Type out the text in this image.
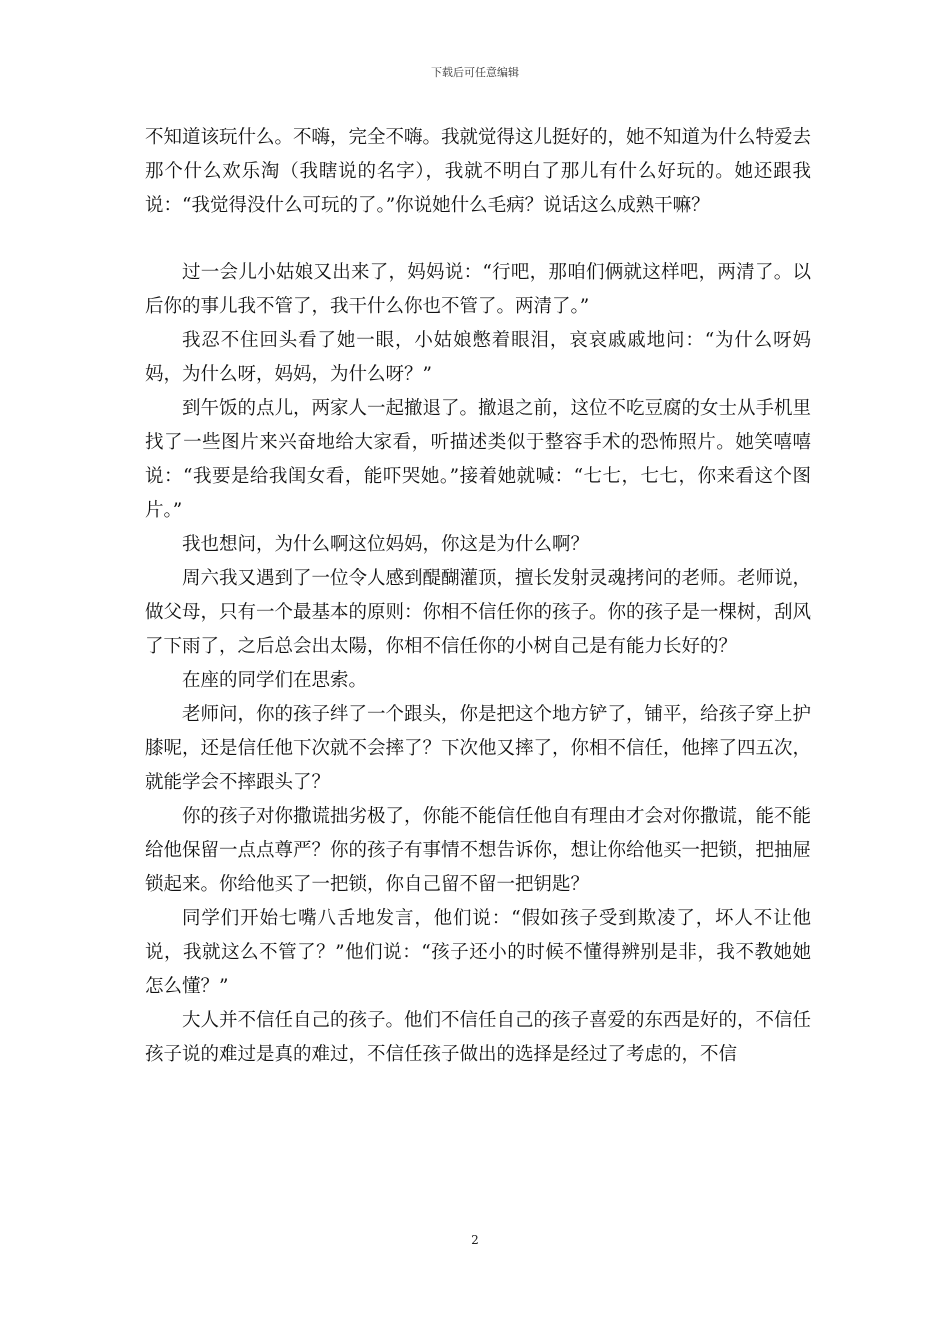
下载后可任意编辑

不知道该玩什么。不嗨，完全不嗨。我就觉得这儿挺好的，她不知道为什么特爱去那个什么欢乐淘（我瞎说的名字），我就不明白了那儿有什么好玩的。她还跟我说：“我觉得没什么可玩的了。”你说她什么毛病？说话这么成熟干嘛？

过一会儿小姑娘又出来了，妈妈说：“行吧，那咱们俩就这样吧，两清了。以后你的事儿我不管了，我干什么你也不管了。两清了。”

我忍不住回头看了她一眼，小姑娘憋着眼泪，哀哀戚戚地问：“为什么呀妈妈，为什么呀，妈妈，为什么呀？”

到午饭的点儿，两家人一起撤退了。撤退之前，这位不吃豆腐的女士从手机里找了一些图片来兴奋地给大家看，听描述类似于整容手术的恐怖照片。她笑嘻嘻说：“我要是给我闺女看，能吓哭她。”接着她就喊：“七七，七七，你来看这个图片。”

我也想问，为什么啊这位妈妈，你这是为什么啊？

周六我又遇到了一位令人感到醍醐灌顶，擅长发射灵魂拷问的老师。老师说，做父母，只有一个最基本的原则：你相不信任你的孩子。你的孩子是一棵树，刮风了下雨了，之后总会出太陽，你相不信任你的小树自己是有能力长好的？

在座的同学们在思索。

老师问，你的孩子绊了一个跟头，你是把这个地方铲了，铺平，给孩子穿上护膝呢，还是信任他下次就不会摔了？下次他又摔了，你相不信任，他摔了四五次，就能学会不摔跟头了？

你的孩子对你撒谎拙劣极了，你能不能信任他自有理由才会对你撒谎，能不能给他保留一点点尊严？你的孩子有事情不想告诉你，想让你给他买一把锁，把抽屉锁起来。你给他买了一把锁，你自己留不留一把钥匙？

同学们开始七嘴八舌地发言，他们说：“假如孩子受到欺凌了，坏人不让他说，我就这么不管了？”他们说：“孩子还小的时候不懂得辨别是非，我不教她她怎么懂？”

大人并不信任自己的孩子。他们不信任自己的孩子喜爱的东西是好的，不信任孩子说的难过是真的难过，不信任孩子做出的选择是经过了考虑的，不信

2
